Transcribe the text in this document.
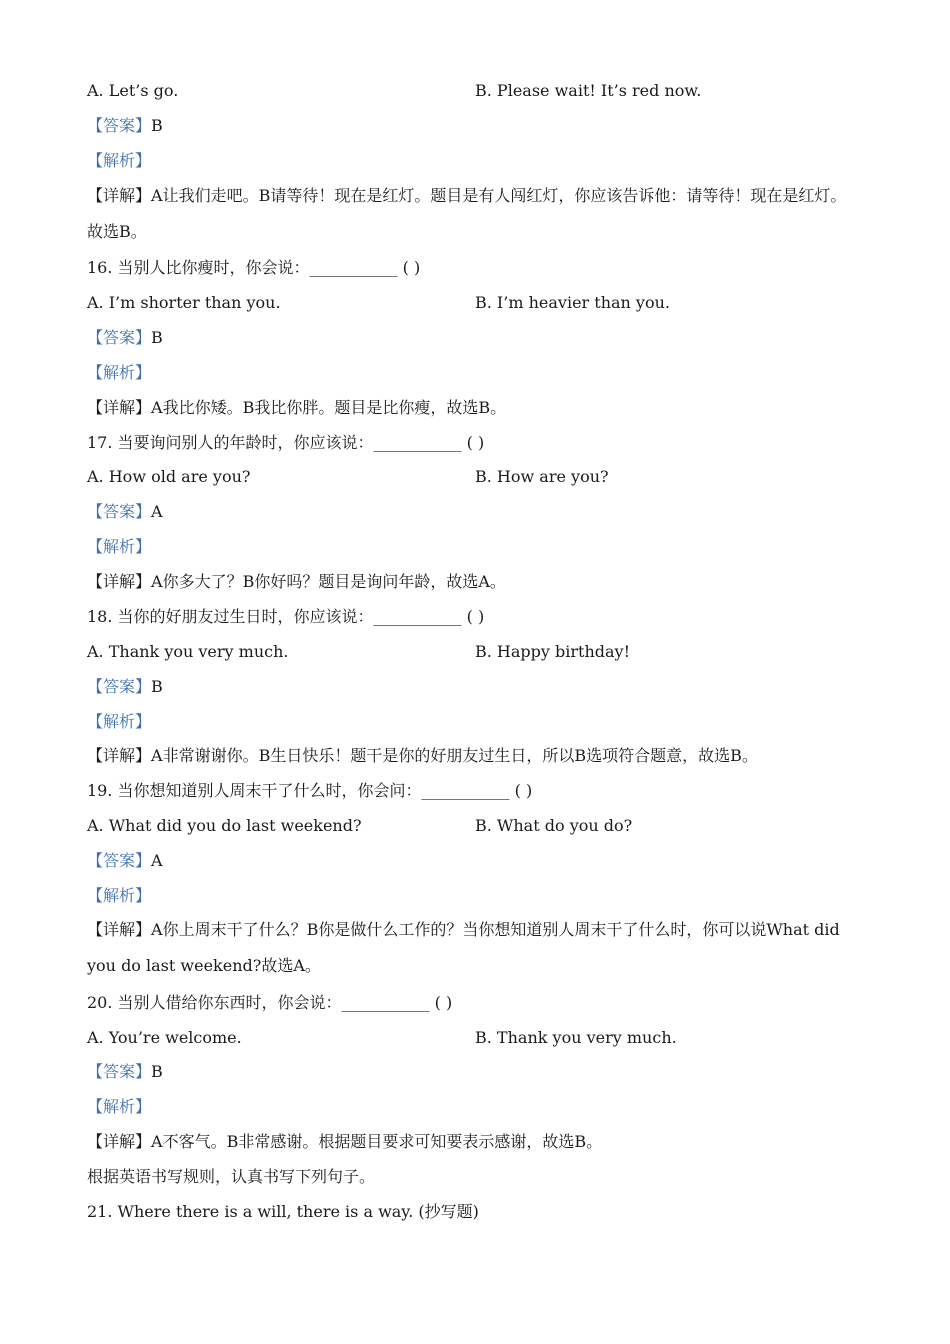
A. Let’s go.	B. Please wait! It’s red now.
【答案】B
【解析】
【详解】A让我们走吧。B请等待！现在是红灯。题目是有人闯红灯，你应该告诉他：请等待！现在是红灯。故选B。
16. 当别人比你瘦时，你会说：___________ ( )
A. I’m shorter than you.	B. I’m heavier than you.
【答案】B
【解析】
【详解】A我比你矮。B我比你胖。题目是比你瘦，故选B。
17. 当要询问别人的年龄时，你应该说：___________ ( )
A. How old are you?	B. How are you?
【答案】A
【解析】
【详解】A你多大了？B你好吗？题目是询问年龄，故选A。
18. 当你的好朋友过生日时，你应该说：___________ ( )
A. Thank you very much.	B. Happy birthday!
【答案】B
【解析】
【详解】A非常谢谢你。B生日快乐！题干是你的好朋友过生日，所以B选项符合题意，故选B。
19. 当你想知道别人周末干了什么时，你会问：___________ ( )
A. What did you do last weekend?	B. What do you do?
【答案】A
【解析】
【详解】A你上周末干了什么？B你是做什么工作的？当你想知道别人周末干了什么时，你可以说What did you do last weekend?故选A。
20. 当别人借给你东西时，你会说：___________ ( )
A. You’re welcome.	B. Thank you very much.
【答案】B
【解析】
【详解】A不客气。B非常感谢。根据题目要求可知要表示感谢，故选B。
根据英语书写规则，认真书写下列句子。
21. Where there is a will, there is a way. (抄写题)
